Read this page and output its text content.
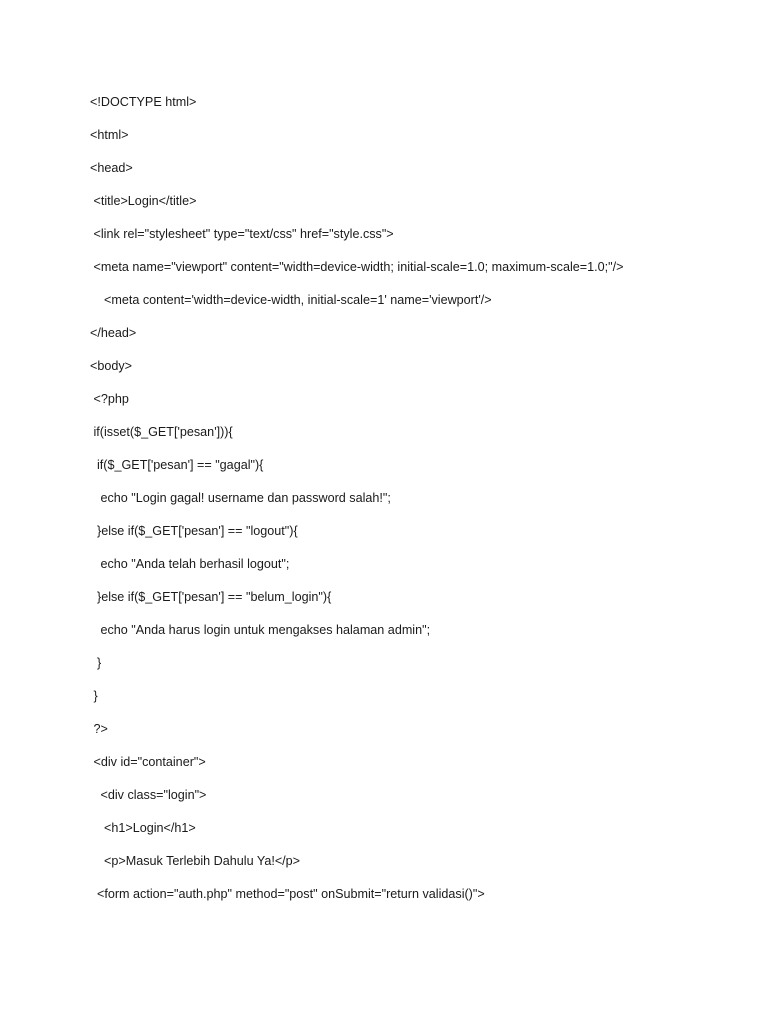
<!DOCTYPE html>
<html>
<head>
<title>Login</title>
<link rel="stylesheet" type="text/css" href="style.css">
<meta name="viewport" content="width=device-width; initial-scale=1.0; maximum-scale=1.0;"/>
<meta content='width=device-width, initial-scale=1' name='viewport'/>
</head>
<body>
<?php
if(isset($_GET['pesan'])){
if($_GET['pesan'] == "gagal"){
echo "Login gagal! username dan password salah!";
}else if($_GET['pesan'] == "logout"){
echo "Anda telah berhasil logout";
}else if($_GET['pesan'] == "belum_login"){
echo "Anda harus login untuk mengakses halaman admin";
}
}
?>
<div id="container">
<div class="login">
<h1>Login</h1>
<p>Masuk Terlebih Dahulu Ya!</p>
<form action="auth.php" method="post" onSubmit="return validasi()">
